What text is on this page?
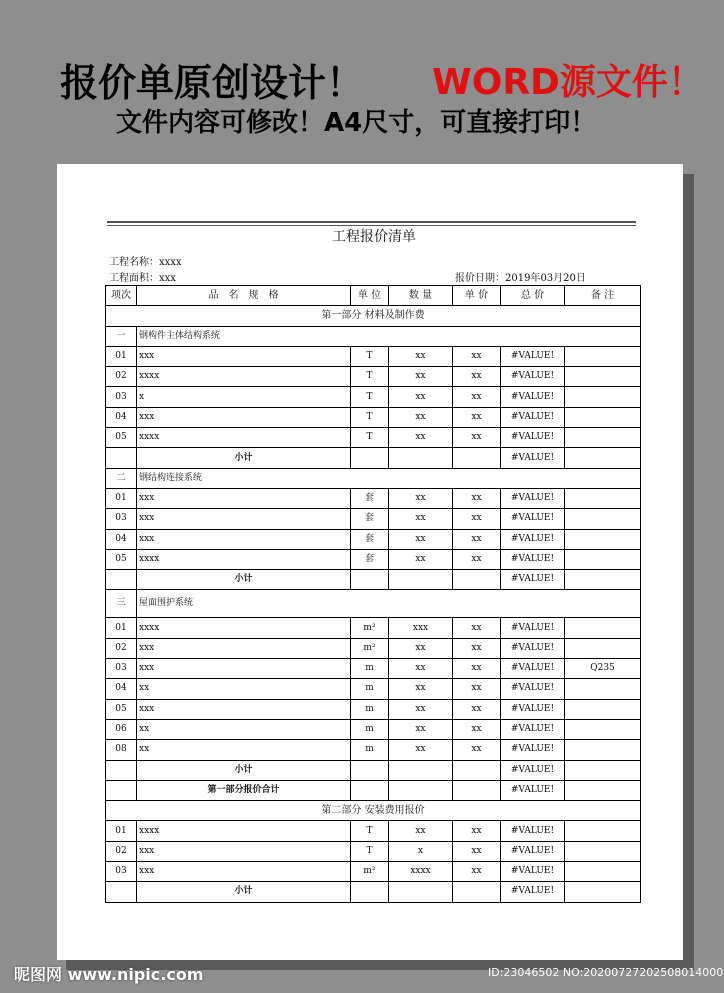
报价单原创设计！ WORD源文件！
文件内容可修改！A4尺寸，可直接打印！
工程报价清单
工程名称：xxxx
工程面积：xxx	报价日期：2019年03月20日
项次	品　名　规　格	单 位	数 量	单 价	总 价	备 注
第一部分 材料及制作费						
一	钢构件主体结构系统					
01	xxx	T	xx	xx	#VALUE!	
02	xxxx	T	xx	xx	#VALUE!	
03	x	T	xx	xx	#VALUE!	
04	xxx	T	xx	xx	#VALUE!	
05	xxxx	T	xx	xx	#VALUE!	
	小计				#VALUE!	
二	钢结构连接系统					
01	xxx	套	xx	xx	#VALUE!	
03	xxx	套	xx	xx	#VALUE!	
04	xxx	套	xx	xx	#VALUE!	
05	xxxx	套	xx	xx	#VALUE!	
	小计				#VALUE!	
三	屋面围护系统					
01	xxxx	m²	xxx	xx	#VALUE!	
02	xxx	m²	xx	xx	#VALUE!	
03	xxx	m	xx	xx	#VALUE!	Q235
04	xx	m	xx	xx	#VALUE!	
05	xxx	m	xx	xx	#VALUE!	
06	xx	m	xx	xx	#VALUE!	
08	xx	m	xx	xx	#VALUE!	
	小计				#VALUE!	
	第一部分报价合计				#VALUE!	
第二部分 安装费用报价						
01	xxxx	T	xx	xx	#VALUE!	
02	xxx	T	x	xx	#VALUE!	
03	xxx	m²	xxxx	xx	#VALUE!	
	小计				#VALUE!	
昵图网 www.nipic.com	ID:23046502 NO:20200727202508014000
